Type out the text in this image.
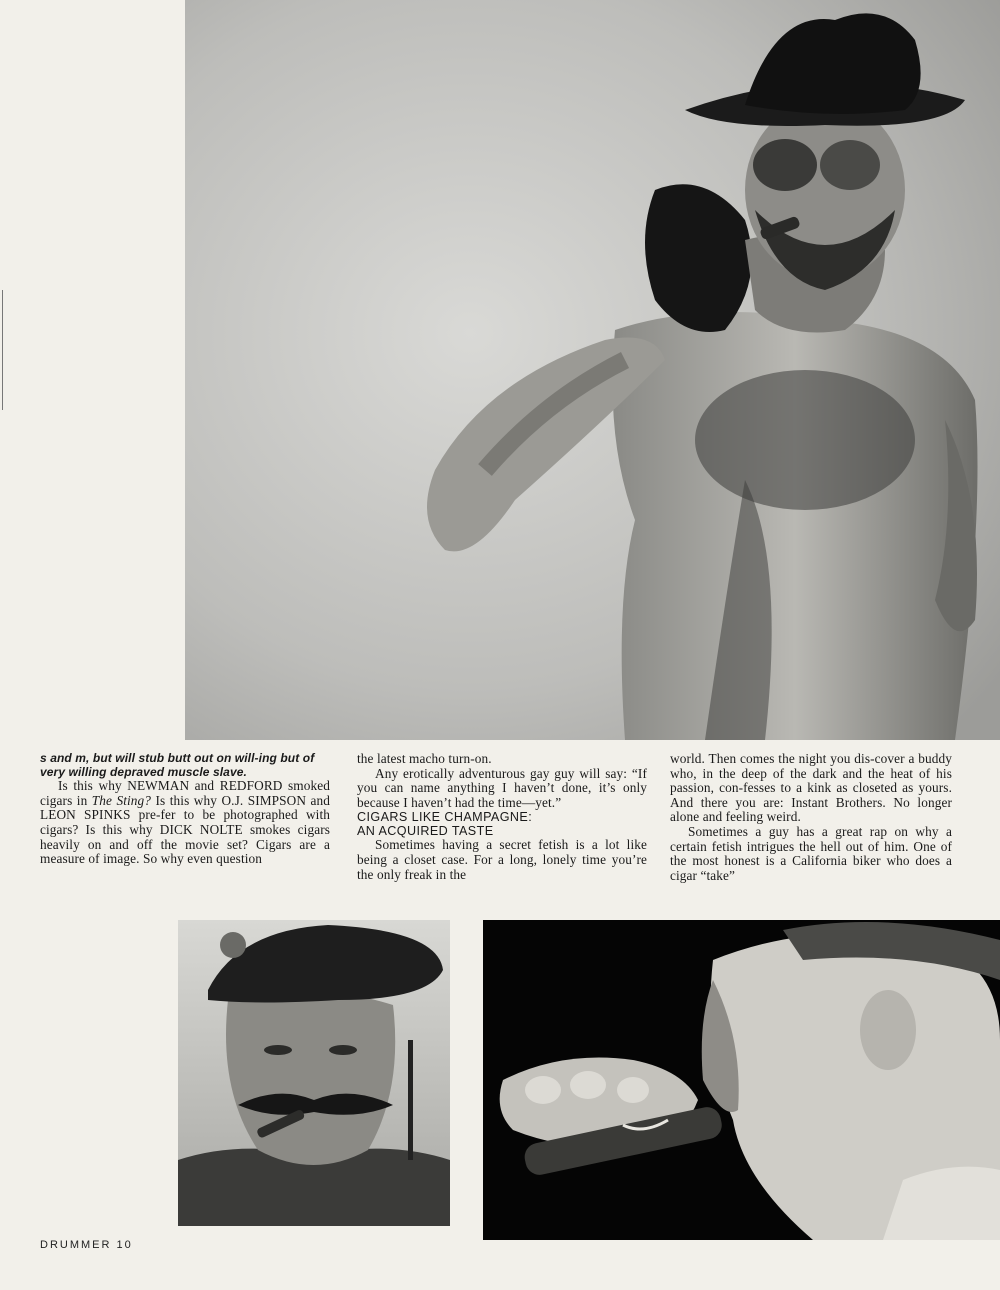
s and m, but will stub butt out on will-ing but of very willing depraved muscle slave.

Is this why NEWMAN and REDFORD smoked cigars in The Sting? Is this why O.J. SIMPSON and LEON SPINKS pre-fer to be photographed with cigars? Is this why DICK NOLTE smokes cigars heavily on and off the movie set? Cigars are a measure of image. So why even question

the latest macho turn-on.

Any erotically adventurous gay guy will say: “If you can name anything I haven’t done, it’s only because I haven’t had the time—yet.”

CIGARS LIKE CHAMPAGNE:

AN ACQUIRED TASTE

Sometimes having a secret fetish is a lot like being a closet case. For a long, lonely time you’re the only freak in the

world. Then comes the night you dis-cover a buddy who, in the deep of the dark and the heat of his passion, con-fesses to a kink as closeted as yours. And there you are: Instant Brothers. No longer alone and feeling weird.

Sometimes a guy has a great rap on why a certain fetish intrigues the hell out of him. One of the most honest is a California biker who does a cigar “take”

DRUMMER 10
